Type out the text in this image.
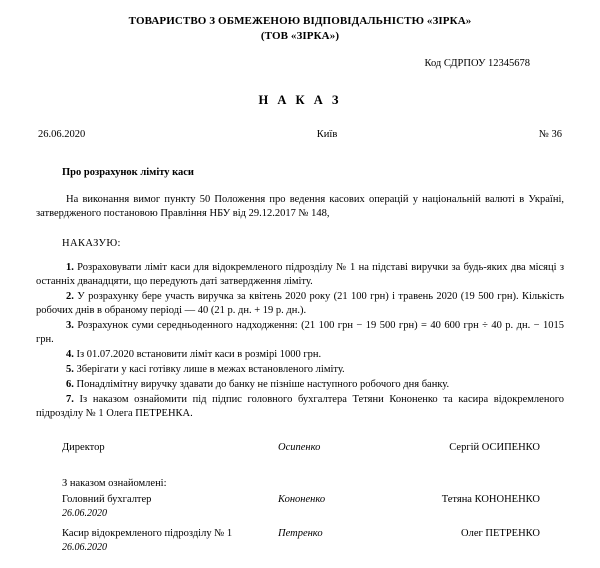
ТОВАРИСТВО З ОБМЕЖЕНОЮ ВІДПОВІДАЛЬНІСТЮ «ЗІРКА»
(ТОВ «ЗІРКА»)
Код СДРПОУ 12345678
Н А К А З
26.06.2020	Київ	№ 36
Про розрахунок ліміту каси
На виконання вимог пункту 50 Положення про ведення касових операцій у національній валюті в Україні, затвердженого постановою Правління НБУ від 29.12.2017 № 148,
НАКАЗУЮ:
1. Розраховувати ліміт каси для відокремленого підрозділу № 1 на підставі виручки за будь-яких два місяці з останніх дванадцяти, що передують даті затвердження ліміту.
2. У розрахунку бере участь виручка за квітень 2020 року (21 100 грн) і травень 2020 (19 500 грн). Кількість робочих днів в обраному періоді — 40 (21 р. дн. + 19 р. дн.).
3. Розрахунок суми середньоденного надходження: (21 100 грн − 19 500 грн) = 40 600 грн ÷ 40 р. дн. − 1015 грн.
4. Із 01.07.2020 встановити ліміт каси в розмірі 1000 грн.
5. Зберігати у касі готівку лише в межах встановленого ліміту.
6. Понадлімітну виручку здавати до банку не пізніше наступного робочого дня банку.
7. Із наказом ознайомити під підпис головного бухгалтера Тетяни Кононенко та касира відокремленого підрозділу № 1 Олега ПЕТРЕНКА.
Директор	Осипенко	Сергій ОСИПЕНКО
З наказом ознайомлені:
Головний бухгалтер
26.06.2020
Кононенко	Тетяна КОНОНЕНКО
Касир відокремленого підрозділу № 1
26.06.2020
Петренко	Олег ПЕТРЕНКО
